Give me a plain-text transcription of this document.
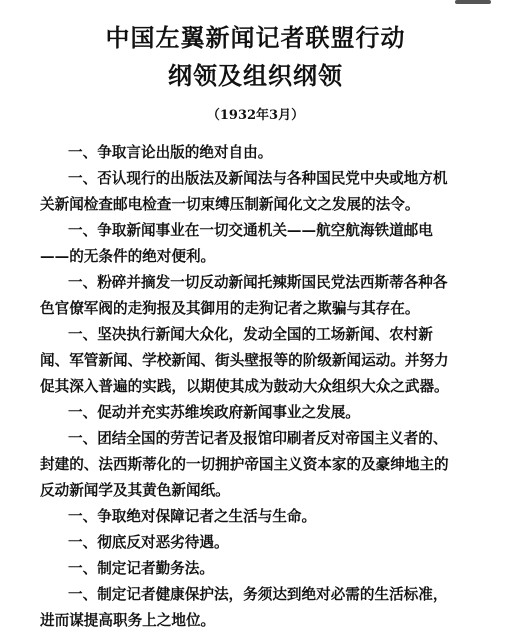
中国左翼新闻记者联盟行动
纲领及组织纲领
（1932年3月）

一、争取言论出版的绝对自由。

一、否认现行的出版法及新闻法与各种国民党中央或地方机
关新闻检查邮电检查一切束缚压制新闻化文之发展的法令。

一、争取新闻事业在一切交通机关——航空航海铁道邮电
——的无条件的绝对便利。

一、粉碎并摘发一切反动新闻托辣斯国民党法西斯蒂各种各
色官僚军阀的走狗报及其御用的走狗记者之欺骗与其存在。

一、坚决执行新闻大众化，发动全国的工场新闻、农村新
闻、军管新闻、学校新闻、街头壁报等的阶级新闻运动。并努力
促其深入普遍的实践，以期使其成为鼓动大众组织大众之武器。

一、促动并充实苏维埃政府新闻事业之发展。

一、团结全国的劳苦记者及报馆印刷者反对帝国主义者的、
封建的、法西斯蒂化的一切拥护帝国主义资本家的及豪绅地主的
反动新闻学及其黄色新闻纸。

一、争取绝对保障记者之生活与生命。

一、彻底反对恶劣待遇。

一、制定记者勤务法。

一、制定记者健康保护法，务须达到绝对必需的生活标准，
进而谋提高职务上之地位。
